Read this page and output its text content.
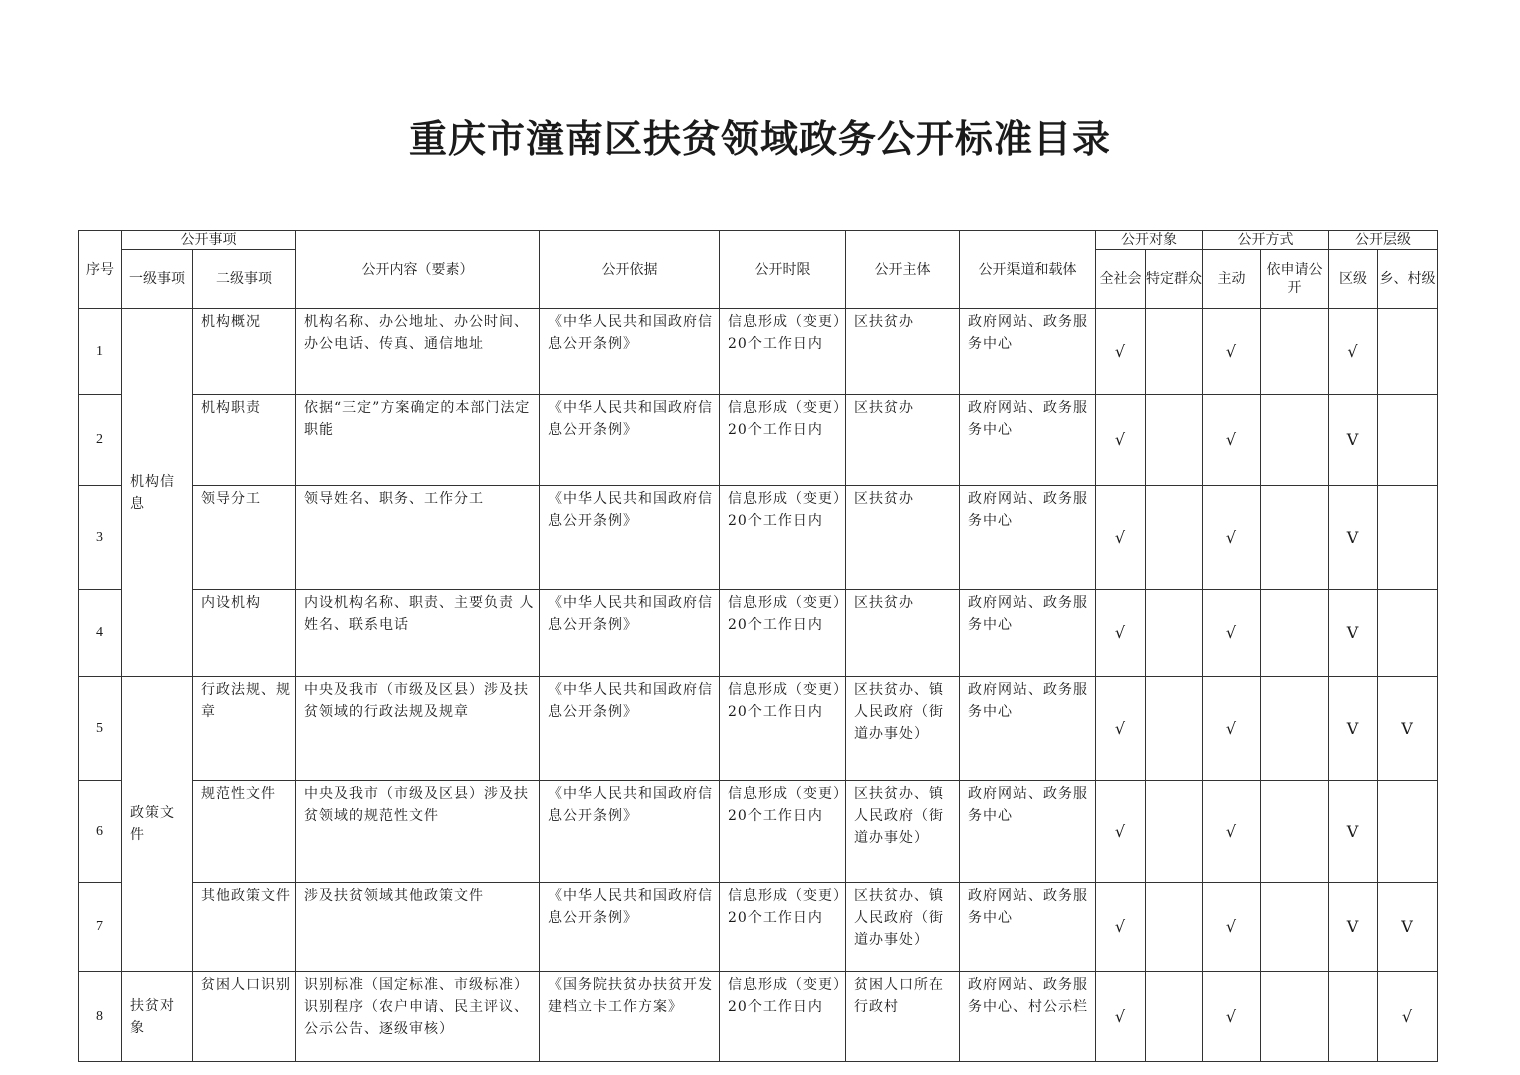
重庆市潼南区扶贫领域政务公开标准目录
序号	公开事项		公开内容（要素）	公开依据	公开时限	公开主体	公开渠道和载体	公开对象		公开方式		公开层级	
	一级事项	二级事项						全社会	特定群众	主动	依申请公开	区级	乡、村级
1	机构信息	机构概况	机构名称、办公地址、办公时间、 办公电话、传真、通信地址	《中华人民共和国政府信息公开条例》	信息形成（变更）20个工作日内	区扶贫办	政府网站、政务服务中心	√		√		√	
2		机构职责	依据“三定”方案确定的本部门法定职能	《中华人民共和国政府信息公开条例》	信息形成（变更）20个工作日内	区扶贫办	政府网站、政务服务中心	√		√		V	
3		领导分工	领导姓名、职务、工作分工	《中华人民共和国政府信息公开条例》	信息形成（变更）20个工作日内	区扶贫办	政府网站、政务服务中心	√		√		V	
4		内设机构	内设机构名称、职责、主要负责 人姓名、联系电话	《中华人民共和国政府信息公开条例》	信息形成（变更）20个工作日内	区扶贫办	政府网站、政务服务中心	√		√		V	
5	政策文件	行政法规、规章	中央及我市（市级及区县）涉及扶贫领域的行政法规及规章	《中华人民共和国政府信息公开条例》	信息形成（变更）20个工作日内	区扶贫办、镇 人民政府（街 道办事处）	政府网站、政务服务中心	√		√		V	V
6		规范性文件	中央及我市（市级及区县）涉及扶贫领域的规范性文件	《中华人民共和国政府信息公开条例》	信息形成（变更）20个工作日内	区扶贫办、镇 人民政府（街 道办事处）	政府网站、政务服务中心	√		√		V	
7		其他政策文件	涉及扶贫领域其他政策文件	《中华人民共和国政府信息公开条例》	信息形成（变更）20个工作日内	区扶贫办、镇 人民政府（街 道办事处）	政府网站、政务服务中心	√		√		V	V
8	扶贫对象	贫困人口识别	识别标准（国定标准、市级标准） 识别程序（农户申请、民主评议、 公示公告、逐级审核）	《国务院扶贫办扶贫开发建档立卡工作方案》	信息形成（变更）20个工作日内	贫困人口所在行政村	政府网站、政务服务中心、村公示栏	√		√			√
